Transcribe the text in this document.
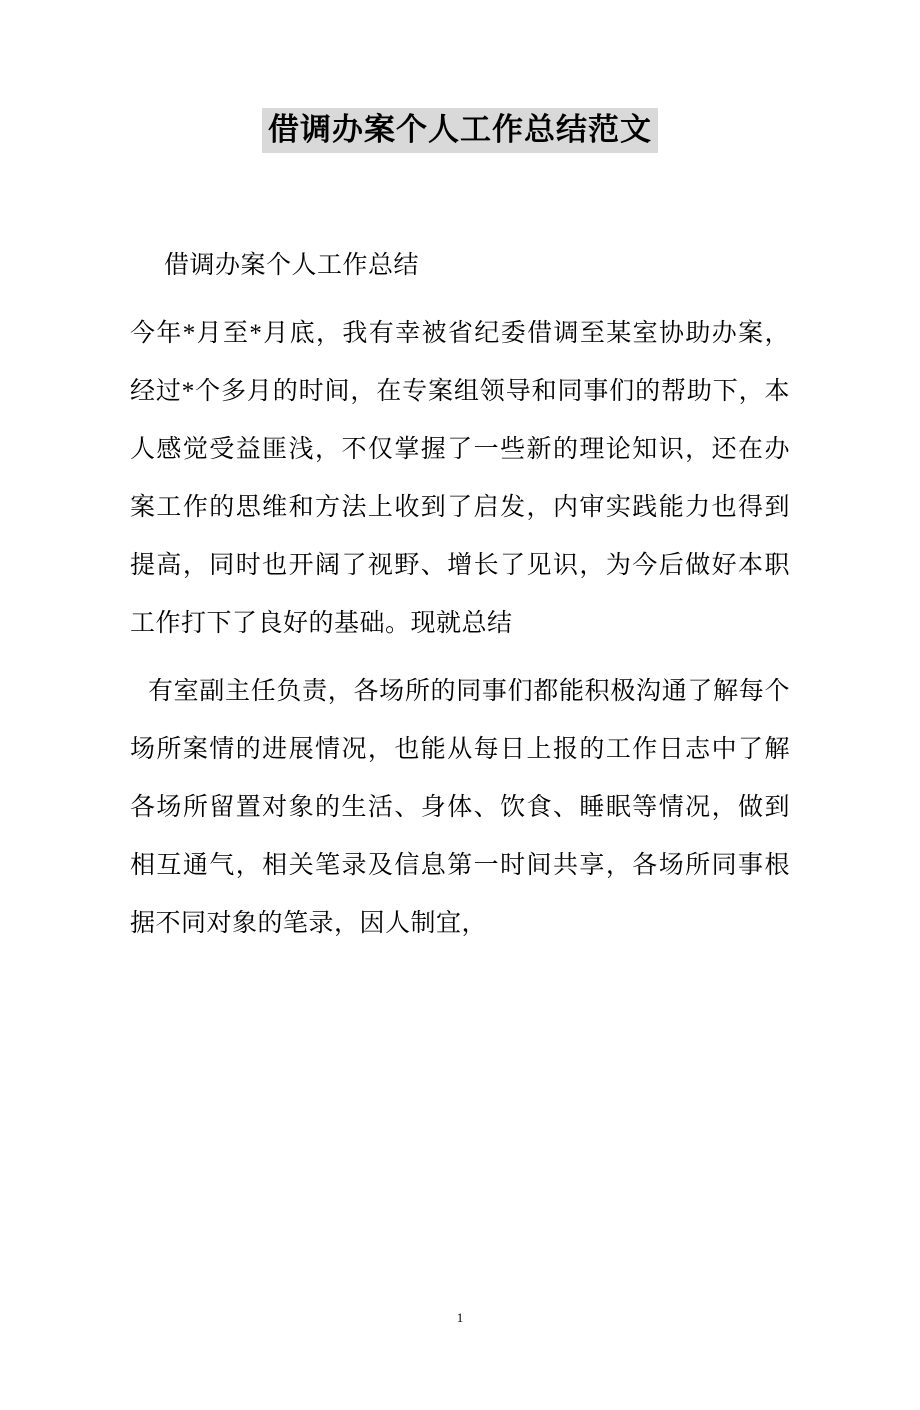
借调办案个人工作总结范文

借调办案个人工作总结

今年*月至*月底，我有幸被省纪委借调至某室协助办案，经过*个多月的时间，在专案组领导和同事们的帮助下，本人感觉受益匪浅，不仅掌握了一些新的理论知识，还在办案工作的思维和方法上收到了启发，内审实践能力也得到提高，同时也开阔了视野、增长了见识，为今后做好本职工作打下了良好的基础。现就总结

有室副主任负责，各场所的同事们都能积极沟通了解每个场所案情的进展情况，也能从每日上报的工作日志中了解各场所留置对象的生活、身体、饮食、睡眠等情况，做到相互通气，相关笔录及信息第一时间共享，各场所同事根据不同对象的笔录，因人制宜，

1
